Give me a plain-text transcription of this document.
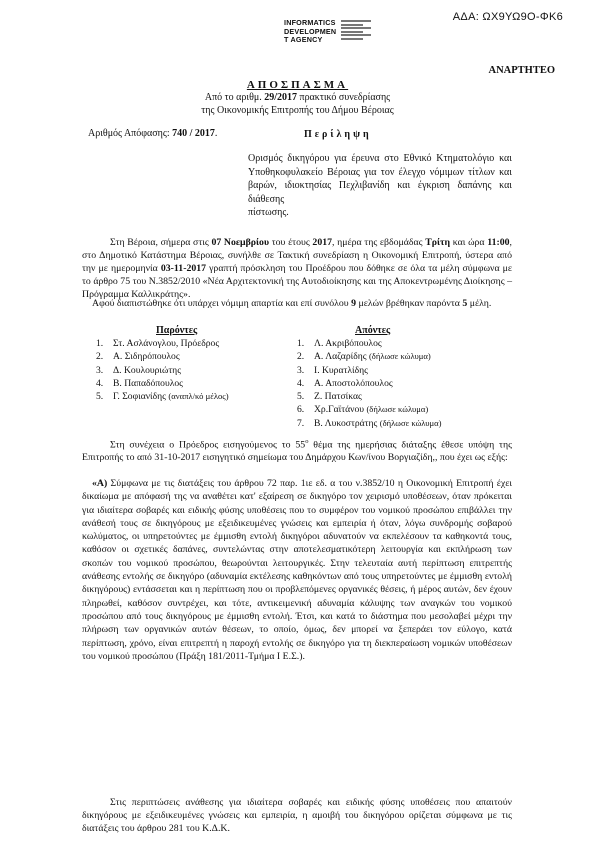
ΑΔΑ: ΩΧ9ΥΩ9Ο-ΦΚ6
INFORMATICS
DEVELOPMEN
T AGENCY
ΑΝΑΡΤΗΤΕΟ
ΑΠΟΣΠΑΣΜΑ
Από το αριθμ. 29/2017 πρακτικό συνεδρίασης
της Οικονομικής Επιτροπής του Δήμου Βέροιας
Αριθμός Απόφασης: 740 / 2017.	Περίληψη
Ορισμός δικηγόρου για έρευνα στο Εθνικό Κτηματολόγιο και Υποθηκοφυλακείο Βέροιας για τον έλεγχο νόμιμων τίτλων και βαρών, ιδιοκτησίας Πεχλιβανίδη και έγκριση δαπάνης και διάθεσης
πίστωσης.
Στη Βέροια, σήμερα στις 07 Νοεμβρίου του έτους 2017, ημέρα της εβδομάδας Τρίτη και ώρα 11:00, στο Δημοτικό Κατάστημα Βέροιας, συνήλθε σε Τακτική συνεδρίαση η Οικονομική Επιτροπή, ύστερα από την με ημερομηνία 03-11-2017 γραπτή πρόσκληση του Προέδρου που δόθηκε σε όλα τα μέλη σύμφωνα με το άρθρο 75 του Ν.3852/2010 «Νέα Αρχιτεκτονική της Αυτοδιοίκησης και της Αποκεντρωμένης Διοίκησης – Πρόγραμμα Καλλικράτης».
Αφού διαπιστώθηκε ότι υπάρχει νόμιμη απαρτία και επί συνόλου 9 μελών βρέθηκαν παρόντα 5 μέλη.
Παρόντες	Απόντες
1. Στ. Ασλάνογλου, Πρόεδρος
2. Α. Σιδηρόπουλος
3. Δ. Κουλουριώτης
4. Β. Παπαδόπουλος
5. Γ. Σοφιανίδης (αναπλ/κό μέλος)
1. Λ. Ακριβόπουλος
2. Α. Λαζαρίδης (δήλωσε κώλυμα)
3. Ι. Κυρατλίδης
4. Α. Αποστολόπουλος
5. Ζ. Πατσίκας
6. Χρ.Γαϊτάνου (δήλωσε κώλυμα)
7. Β. Λυκοστράτης (δήλωσε κώλυμα)
Στη συνέχεια ο Πρόεδρος εισηγούμενος το $55^o$ θέμα της ημερήσιας διάταξης έθεσε υπόψη της Επιτροπής το από 31-10-2017 εισηγητικό σημείωμα του Δημάρχου Κων/ίνου Βοργιαζίδη,, που έχει ως εξής:
«Α) Σύμφωνα με τις διατάξεις του άρθρου 72 παρ. 1ιε εδ. α του ν.3852/10 η Οικονομική Επιτροπή έχει δικαίωμα με απόφασή της να αναθέτει κατ' εξαίρεση σε δικηγόρο τον χειρισμό υποθέσεων, όταν πρόκειται για ιδιαίτερα σοβαρές και ειδικής φύσης υποθέσεις που το συμφέρον του νομικού προσώπου επιβάλλει την ανάθεσή τους σε δικηγόρους με εξειδικευμένες γνώσεις και εμπειρία ή όταν, λόγω συνδρομής σοβαρού κωλύματος, οι υπηρετούντες με έμμισθη εντολή δικηγόροι αδυνατούν να εκπελέσουν τα καθηκοντά τους, καθόσον οι σχετικές δαπάνες, συντελώντας στην αποτελεσματικότερη λειτουργία και εκπλήρωση των σκοπών του νομικού προσώπου, θεωρούνται λειτουργικές. Στην τελευταία αυτή περίπτωση επιτρεπτής ανάθεσης εντολής σε δικηγόρο (αδυναμία εκτέλεσης καθηκόντων από τους υπηρετούντες με έμμισθη εντολή δικηγόρους) εντάσσεται και η περίπτωση που οι προβλεπόμενες οργανικές θέσεις, ή μέρος αυτών, δεν έχουν πληρωθεί, καθόσον συντρέχει, και τότε, αντικειμενική αδυναμία κάλυψης των αναγκών του νομικού προσώπου από τους δικηγόρους με έμμισθη εντολή. Έτσι, και κατά το διάστημα που μεσολαβεί μέχρι την πλήρωση των οργανικών αυτών θέσεων, το οποίο, όμως, δεν μπορεί να ξεπεράει τον εύλογο, κατά περίπτωση, χρόνο, είναι επιτρεπτή η παροχή εντολής σε δικηγόρο για τη διεκπεραίωση νομικών υποθέσεων του νομικού προσώπου (Πράξη 181/2011-Τμήμα Ι Ε.Σ.).
Στις περιπτώσεις ανάθεσης για ιδιαίτερα σοβαρές και ειδικής φύσης υποθέσεις που απαιτούν δικηγόρους με εξειδικευμένες γνώσεις και εμπειρία, η αμοιβή του δικηγόρου ορίζεται σύμφωνα με τις διατάξεις του άρθρου 281 του Κ.Δ.Κ.
